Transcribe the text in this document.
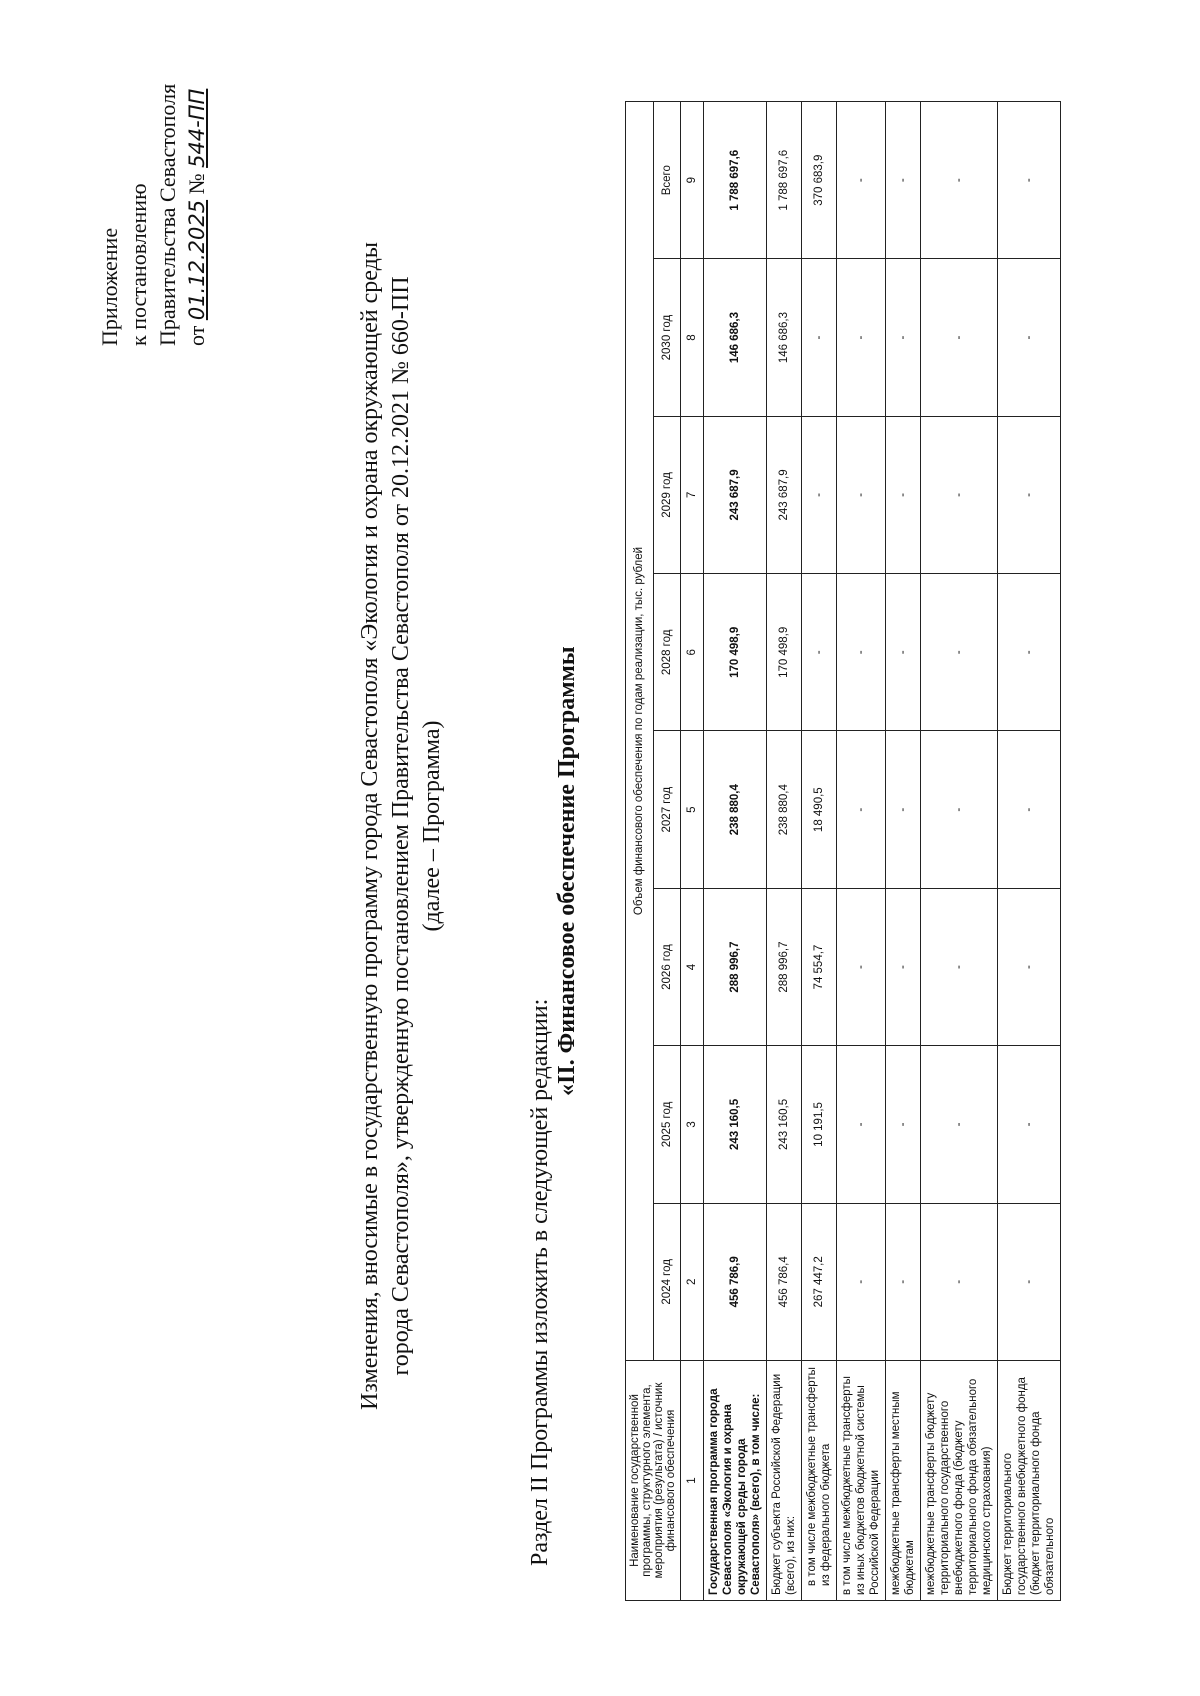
Приложение к постановлению Правительства Севастополя от 01.12.2025 № 544-ПП
Изменения, вносимые в государственную программу города Севастополя «Экология и охрана окружающей среды города Севастополя», утвержденную постановлением Правительства Севастополя от 20.12.2021 № 660-ПП (далее – Программа)
Раздел II Программы изложить в следующей редакции:
«II. Финансовое обеспечение Программы
Наименование государственной программы, структурного элемента, мероприятия (результата) / источник финансового обеспечения	Объем финансового обеспечения по годам реализации, тыс. рублей							
	2024 год	2025 год	2026 год	2027 год	2028 год	2029 год	2030 год	Всего
1	2	3	4	5	6	7	8	9
Государственная программа города Севастополя «Экология и охрана окружающей среды города Севастополя» (всего), в том числе:	456 786,9	243 160,5	288 996,7	238 880,4	170 498,9	243 687,9	146 686,3	1 788 697,6
Бюджет субъекта Российской Федерации (всего), из них:	456 786,4	243 160,5	288 996,7	238 880,4	170 498,9	243 687,9	146 686,3	1 788 697,6
в том числе межбюджетные трансферты из федерального бюджета	267 447,2	10 191,5	74 554,7	18 490,5	-	-	-	370 683,9
в том числе межбюджетные трансферты из иных бюджетов бюджетной системы Российской Федерации	-	-	-	-	-	-	-	-
межбюджетные трансферты местным бюджетам	-	-	-	-	-	-	-	-
межбюджетные трансферты бюджету территориального государственного внебюджетного фонда (бюджету территориального фонда обязательного медицинского страхования)	-	-	-	-	-	-	-	-
Бюджет территориального государственного внебюджетного фонда (бюджет территориального фонда обязательного	-	-	-	-	-	-	-	-
